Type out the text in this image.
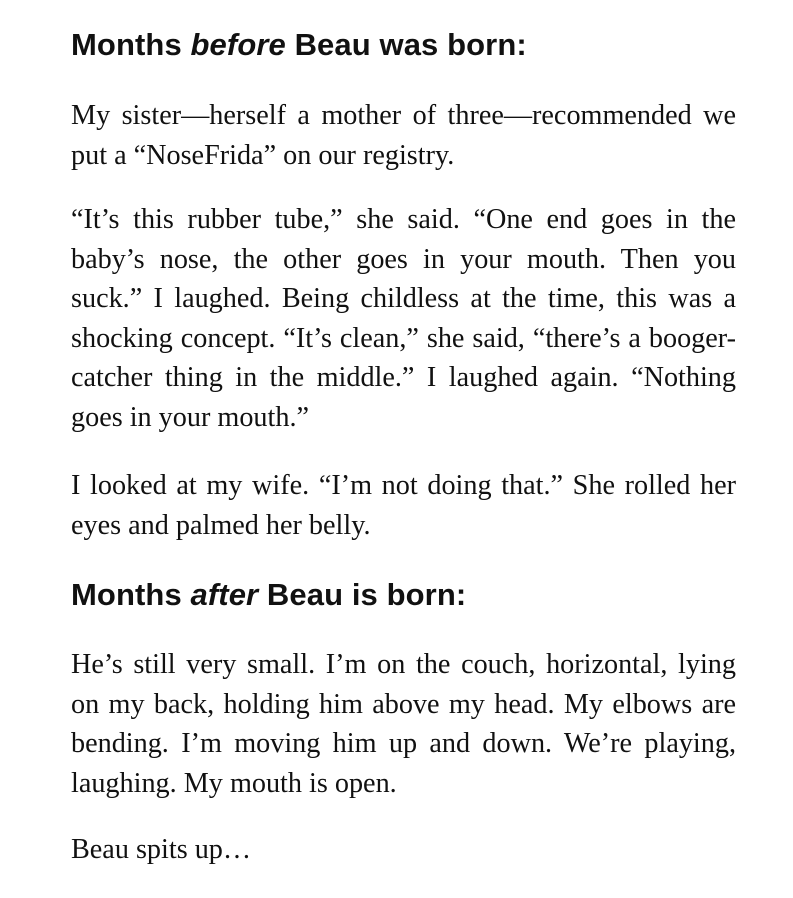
Months before Beau was born:

My sister—herself a mother of three—recommended we put a “NoseFrida” on our registry.

“It’s this rubber tube,” she said. “One end goes in the baby’s nose, the other goes in your mouth. Then you suck.” I laughed. Being childless at the time, this was a shocking concept. “It’s clean,” she said, “there’s a booger-catcher thing in the middle.” I laughed again. “Nothing goes in your mouth.”

I looked at my wife. “I’m not doing that.” She rolled her eyes and palmed her belly.

Months after Beau is born:

He’s still very small. I’m on the couch, horizontal, lying on my back, holding him above my head. My elbows are bending. I’m moving him up and down. We’re playing, laughing. My mouth is open.

Beau spits up…
